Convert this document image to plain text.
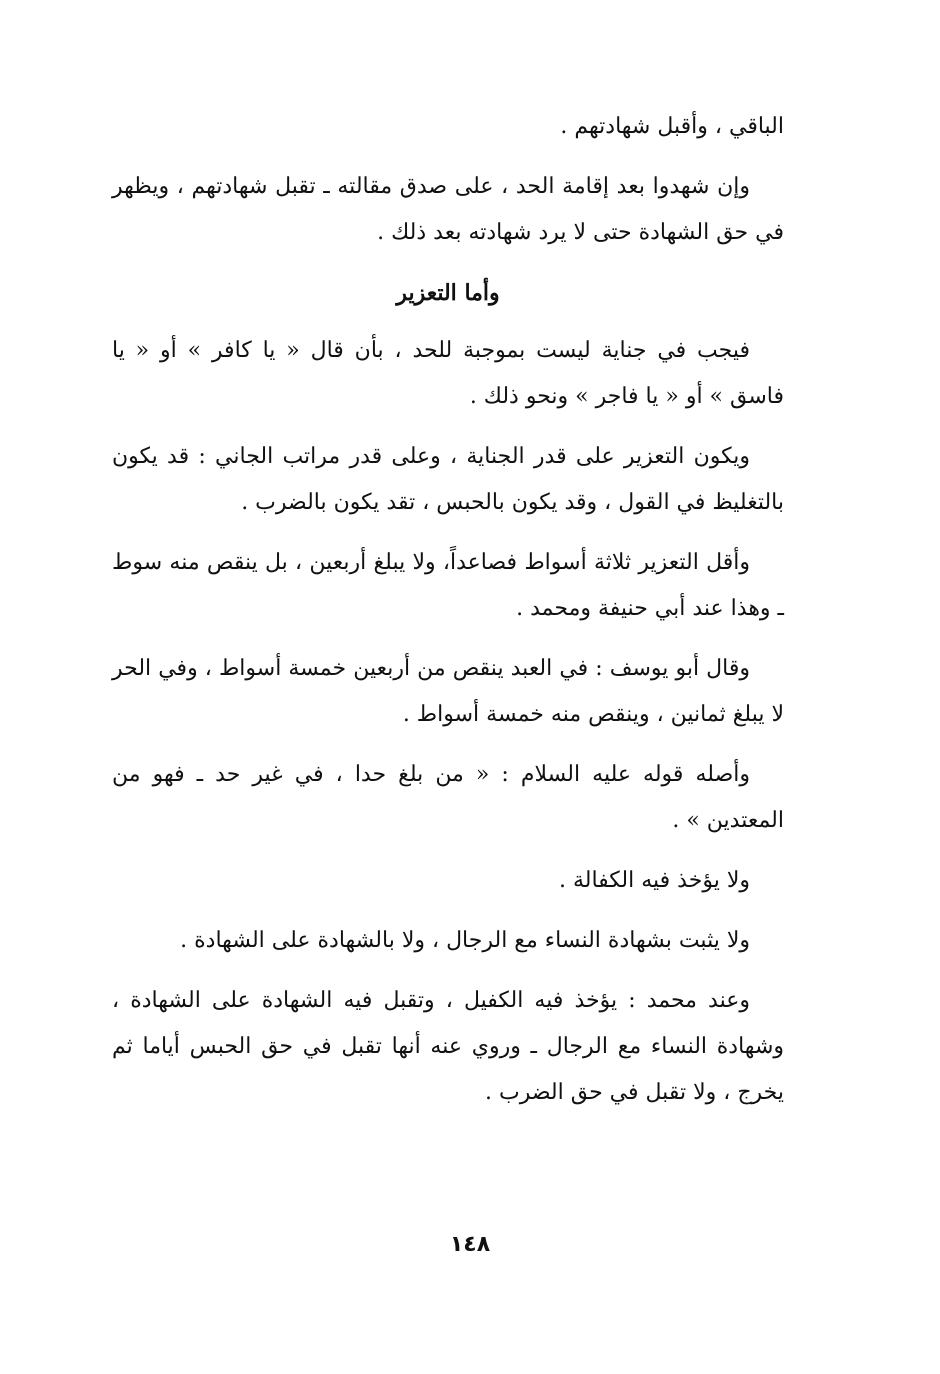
الباقي ، وأقبل شهادتهم .

وإن شهدوا بعد إقامة الحد ، على صدق مقالته ـ تقبل شهادتهم ، ويظهر في حق الشهادة حتى لا يرد شهادته بعد ذلك .

وأما التعزير

فيجب في جناية ليست بموجبة للحد ، بأن قال « يا كافر » أو « يا فاسق » أو « يا فاجر » ونحو ذلك .

ويكون التعزير على قدر الجناية ، وعلى قدر مراتب الجاني : قد يكون بالتغليظ في القول ، وقد يكون بالحبس ، تقد يكون بالضرب .

وأقل التعزير ثلاثة أسواط فصاعداً، ولا يبلغ أربعين ، بل ينقص منه سوط ـ وهذا عند أبي حنيفة ومحمد .

وقال أبو يوسف : في العبد ينقص من أربعين خمسة أسواط ، وفي الحر لا يبلغ ثمانين ، وينقص منه خمسة أسواط .

وأصله قوله عليه السلام : « من بلغ حدا ، في غير حد ـ فهو من المعتدين » .

ولا يؤخذ فيه الكفالة .

ولا يثبت بشهادة النساء مع الرجال ، ولا بالشهادة على الشهادة .

وعند محمد : يؤخذ فيه الكفيل ، وتقبل فيه الشهادة على الشهادة ، وشهادة النساء مع الرجال ـ وروي عنه أنها تقبل في حق الحبس أياما ثم يخرج ، ولا تقبل في حق الضرب .

١٤٨
